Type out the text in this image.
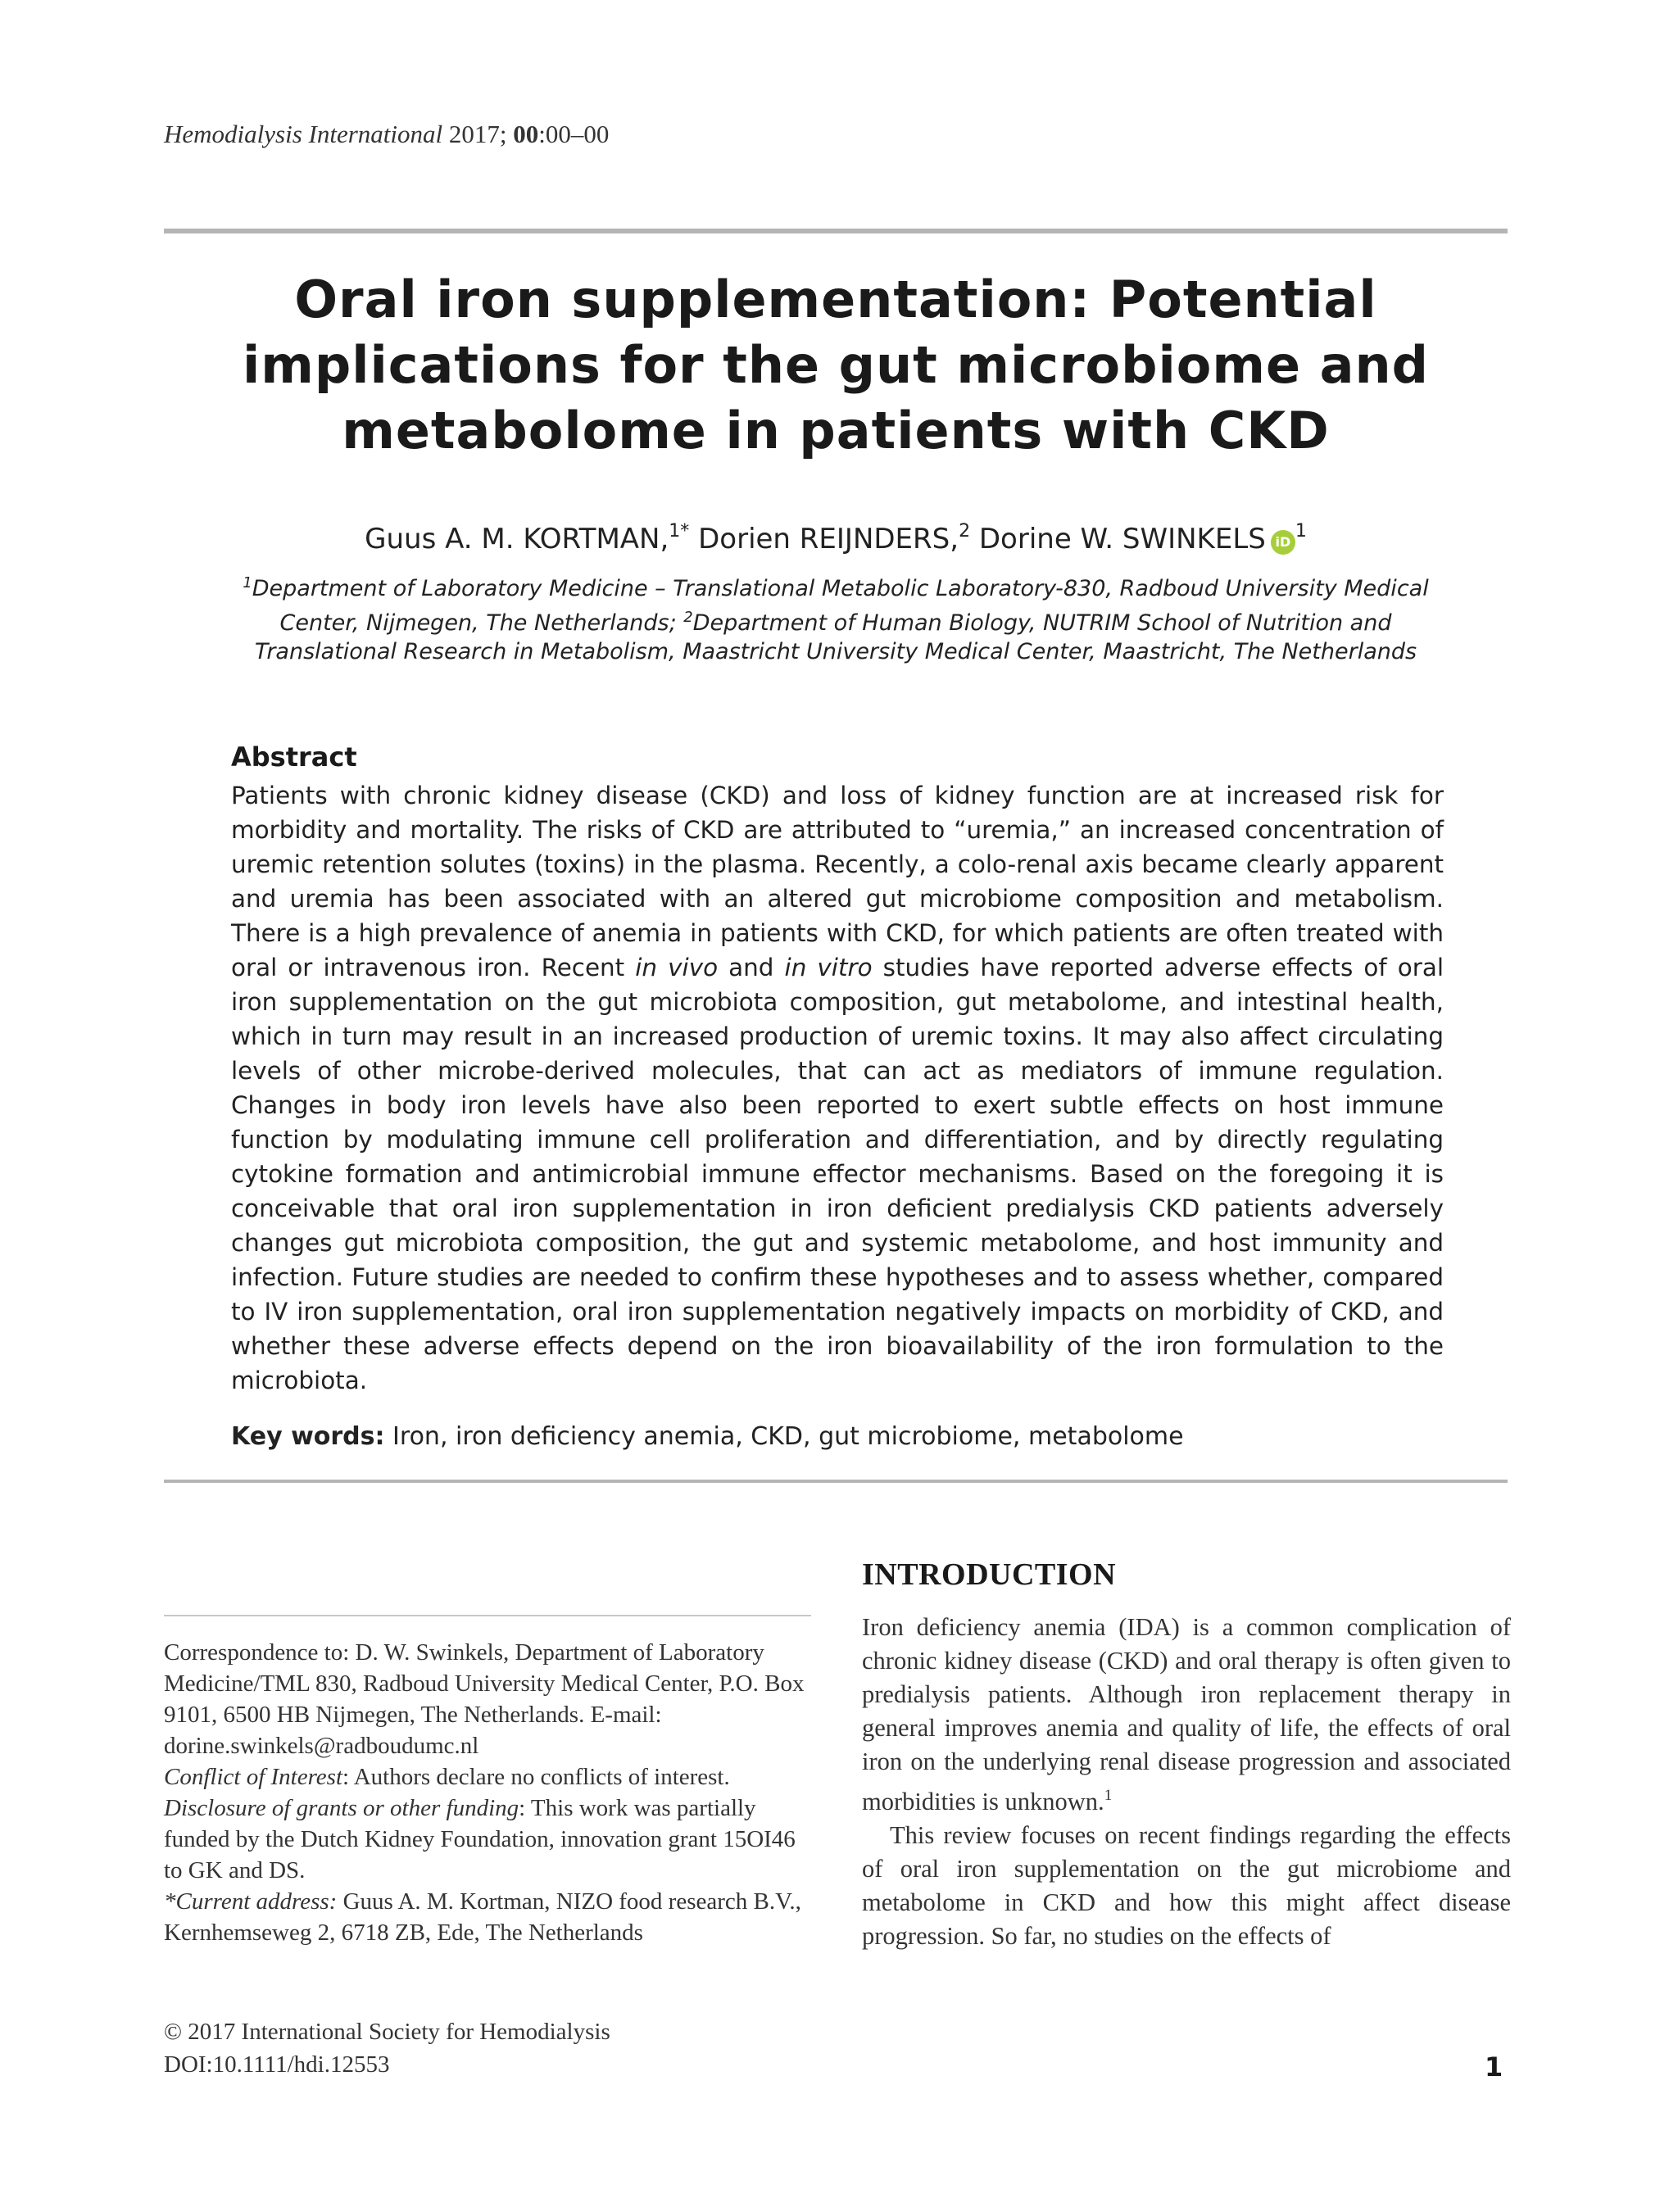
Hemodialysis International 2017; 00:00–00
Oral iron supplementation: Potential implications for the gut microbiome and metabolome in patients with CKD
Guus A. M. KORTMAN,$^{1*}$ Dorien REIJNDERS,$^2$ Dorine W. SWINKELS $iD^1$
$^1$Department of Laboratory Medicine – Translational Metabolic Laboratory-830, Radboud University Medical Center, Nijmegen, The Netherlands; $^2$Department of Human Biology, NUTRIM School of Nutrition and Translational Research in Metabolism, Maastricht University Medical Center, Maastricht, The Netherlands
Abstract
Patients with chronic kidney disease (CKD) and loss of kidney function are at increased risk for morbidity and mortality. The risks of CKD are attributed to “uremia,” an increased concentration of uremic retention solutes (toxins) in the plasma. Recently, a colo-renal axis became clearly apparent and uremia has been associated with an altered gut microbiome composition and metabolism. There is a high prevalence of anemia in patients with CKD, for which patients are often treated with oral or intravenous iron. Recent in vivo and in vitro studies have reported adverse effects of oral iron supplementation on the gut microbiota composition, gut metabolome, and intestinal health, which in turn may result in an increased production of uremic toxins. It may also affect circulating levels of other microbe-derived molecules, that can act as mediators of immune regulation. Changes in body iron levels have also been reported to exert subtle effects on host immune function by modulating immune cell proliferation and differentiation, and by directly regulating cytokine formation and antimicrobial immune effector mechanisms. Based on the foregoing it is conceivable that oral iron supplementation in iron deficient predialysis CKD patients adversely changes gut microbiota composition, the gut and systemic metabolome, and host immunity and infection. Future studies are needed to confirm these hypotheses and to assess whether, compared to IV iron supplementation, oral iron supplementation negatively impacts on morbidity of CKD, and whether these adverse effects depend on the iron bioavailability of the iron formulation to the microbiota.
Key words: Iron, iron deficiency anemia, CKD, gut microbiome, metabolome
INTRODUCTION

Iron deficiency anemia (IDA) is a common complication of chronic kidney disease (CKD) and oral therapy is often given to predialysis patients. Although iron replacement therapy in general improves anemia and quality of life, the effects of oral iron on the underlying renal disease progression and associated morbidities is unknown.$^1$

This review focuses on recent findings regarding the effects of oral iron supplementation on the gut microbiome and metabolome in CKD and how this might affect disease progression. So far, no studies on the effects of

Correspondence to: D. W. Swinkels, Department of Laboratory Medicine/TML 830, Radboud University Medical Center, P.O. Box 9101, 6500 HB Nijmegen, The Netherlands. E-mail: dorine.swinkels@radboudumc.nl
Conflict of Interest: Authors declare no conflicts of interest.
Disclosure of grants or other funding: This work was partially funded by the Dutch Kidney Foundation, innovation grant 15OI46 to GK and DS.
*Current address: Guus A. M. Kortman, NIZO food research B.V., Kernhemseweg 2, 6718 ZB, Ede, The Netherlands
© 2017 International Society for Hemodialysis
DOI:10.1111/hdi.12553	1
